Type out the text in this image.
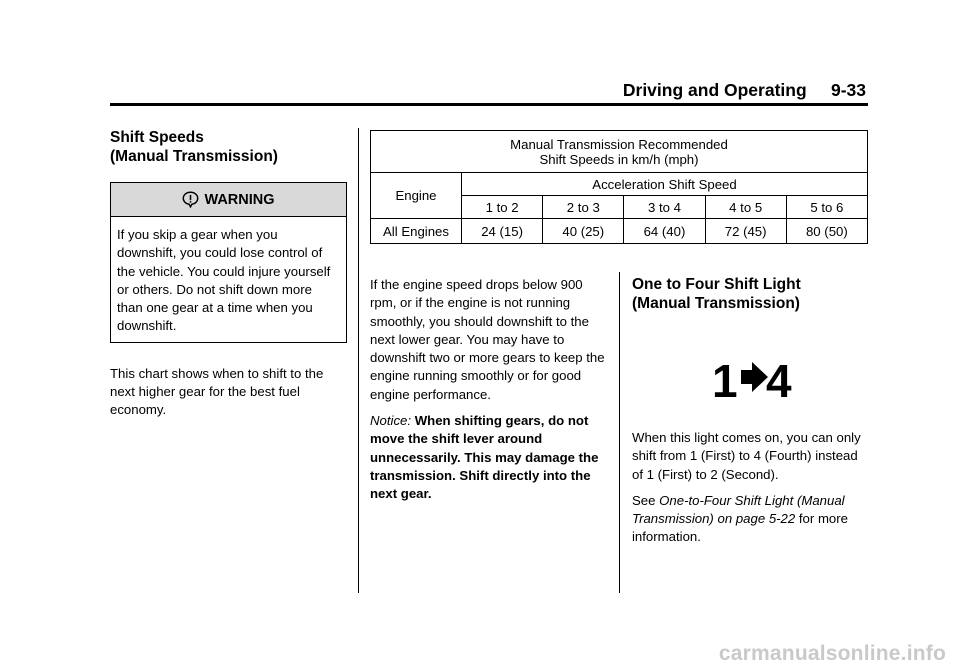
Driving and Operating 9-33
Shift Speeds
(Manual Transmission)
WARNING
If you skip a gear when you downshift, you could lose control of the vehicle. You could injure yourself or others. Do not shift down more than one gear at a time when you downshift.
This chart shows when to shift to the next higher gear for the best fuel economy.
Manual Transmission Recommended
Shift Speeds in km/h (mph)					
Engine	Acceleration Shift Speed				
	1 to 2	2 to 3	3 to 4	4 to 5	5 to 6
All Engines	24 (15)	40 (25)	64 (40)	72 (45)	80 (50)

If the engine speed drops below 900 rpm, or if the engine is not running smoothly, you should downshift to the next lower gear. You may have to downshift two or more gears to keep the engine running smoothly or for good engine performance.

Notice: When shifting gears, do not move the shift lever around unnecessarily. This may damage the transmission. Shift directly into the next gear.

One to Four Shift Light
(Manual Transmission)
1 4

When this light comes on, you can only shift from 1 (First) to 4 (Fourth) instead of 1 (First) to 2 (Second).

See One-to-Four Shift Light (Manual Transmission) on page 5-22 for more information.

carmanualsonline.info
